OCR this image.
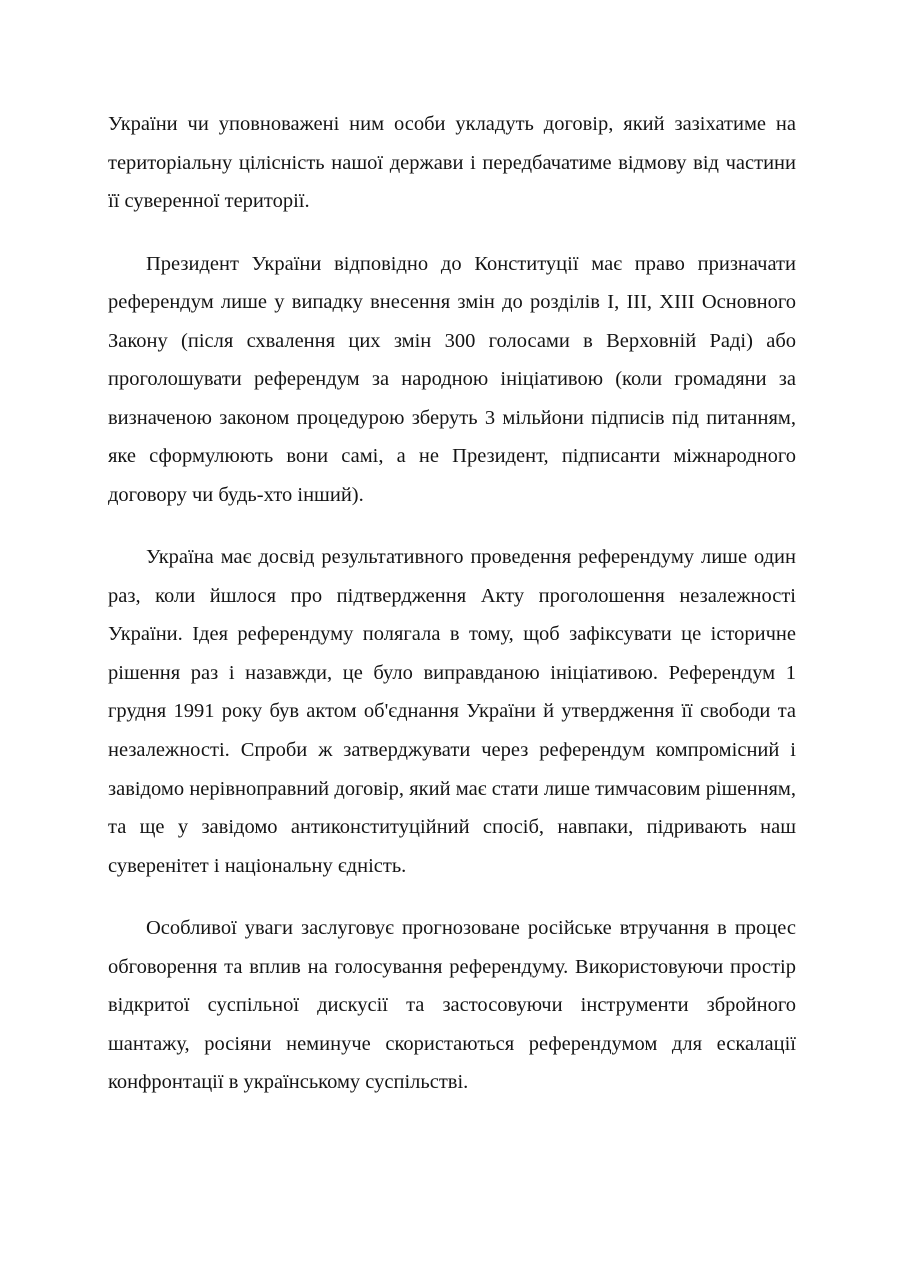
України чи уповноважені ним особи укладуть договір, який зазіхатиме на територіальну цілісність нашої держави і передбачатиме відмову від частини її суверенної території.

Президент України відповідно до Конституції має право призначати референдум лише у випадку внесення змін до розділів I, III, XIII Основного Закону (після схвалення цих змін 300 голосами в Верховній Раді) або проголошувати референдум за народною ініціативою (коли громадяни за визначеною законом процедурою зберуть 3 мільйони підписів під питанням, яке сформулюють вони самі, а не Президент, підписанти міжнародного договору чи будь-хто інший).

Україна має досвід результативного проведення референдуму лише один раз, коли йшлося про підтвердження Акту проголошення незалежності України. Ідея референдуму полягала в тому, щоб зафіксувати це історичне рішення раз і назавжди, це було виправданою ініціативою. Референдум 1 грудня 1991 року був актом об'єднання України й утвердження її свободи та незалежності. Спроби ж затверджувати через референдум компромісний і завідомо нерівноправний договір, який має стати лише тимчасовим рішенням, та ще у завідомо антиконституційний спосіб, навпаки, підривають наш суверенітет і національну єдність.

Особливої уваги заслуговує прогнозоване російське втручання в процес обговорення та вплив на голосування референдуму. Використовуючи простір відкритої суспільної дискусії та застосовуючи інструменти збройного шантажу, росіяни неминуче скористаються референдумом для ескалації конфронтації в українському суспільстві.
